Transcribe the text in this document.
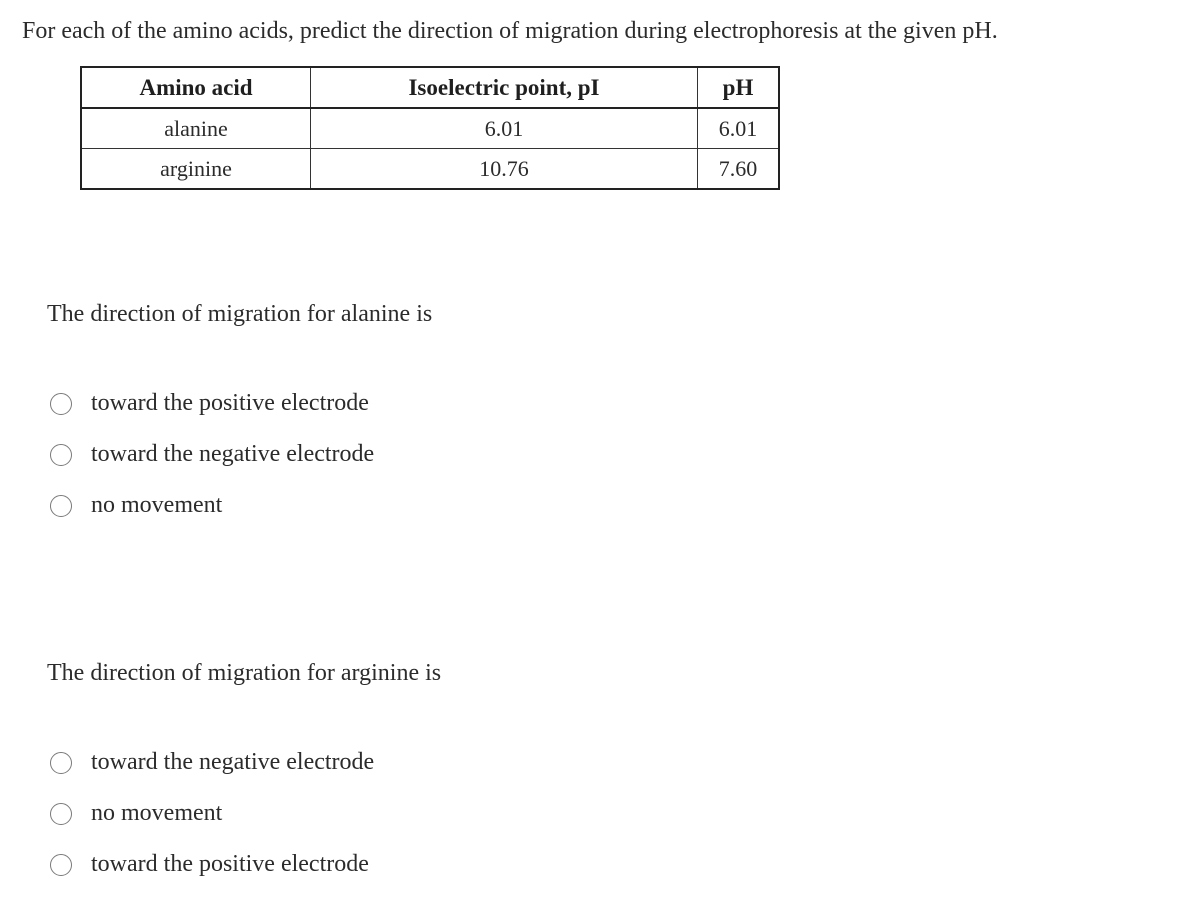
For each of the amino acids, predict the direction of migration during electrophoresis at the given pH.
Amino acid	Isoelectric point, pI	pH
alanine	6.01	6.01
arginine	10.76	7.60
The direction of migration for alanine is
toward the positive electrode
toward the negative electrode
no movement
The direction of migration for arginine is
toward the negative electrode
no movement
toward the positive electrode
